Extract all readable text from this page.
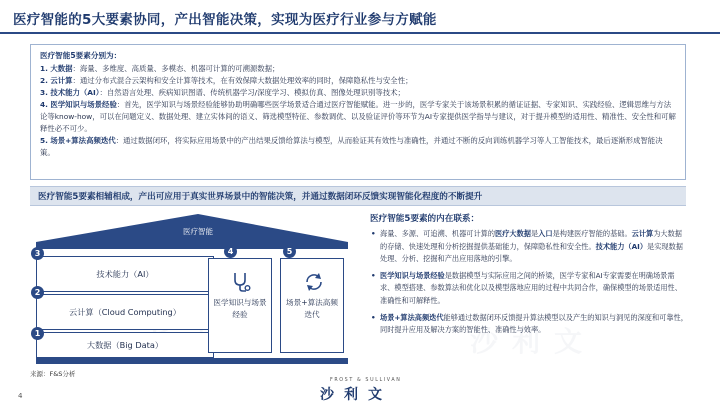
医疗智能的5大要素协同，产出智能决策，实现为医疗行业参与方赋能
医疗智能5要素分别为：
1. 大数据：海量、多维度、高质量、多模态、机器可计算的可溯源数据；
2. 云计算：通过分布式混合云架构和安全计算等技术，在有效保障大数据处理效率的同时，保障隐私性与安全性；
3. 技术能力（AI）：自然语言处理、疾病知识图谱、传统机器学习/深度学习、模拟仿真、图像处理识别等技术；
4. 医学知识与场景经验：首先，医学知识与场景经验能够协助明确哪些医学场景适合通过医疗智能赋能。进一步的，医学专家关于该场景积累的循证证据、专家知识、实践经验、逻辑思维与方法论等know-how，可以在问题定义、数据处理、建立实体间的语义、筛选模型特征、参数调优、以及验证评价等环节为AI专家提供医学指导与建议，对于提升模型的适用性、精准性、安全性和可解释性必不可少。
5. 场景+算法高频迭代：通过数据闭环，将实际应用场景中的产出结果反馈给算法与模型，从而验证其有效性与准确性，并通过不断的反向训练机器学习等人工智能技术，最后逐渐形成智能决策。
医疗智能5要素相辅相成，产出可应用于真实世界场景中的智能决策，并通过数据闭环反馈实现智能化程度的不断提升
医疗智能
技术能力（AI）
3
云计算（Cloud Computing）
2
大数据（Big Data）
1
医学知识与场景经验
4
场景+算法高频迭代
5
医疗智能5要素的内在联系：
• 海量、多源、可追溯、机器可计算的医疗大数据是入口是构建医疗智能的基础。云计算为大数据的存储、快速处理和分析挖掘提供基础能力，保障隐私性和安全性。技术能力（AI）是实现数据处理、分析、挖掘和产出应用落地的引擎。
• 医学知识与场景经验是数据模型与实际应用之间的桥梁，医学专家和AI专家需要在明确场景需求、模型搭建、参数算法和优化以及模型落地应用的过程中共同合作，确保模型的场景适用性、准确性和可解释性。
• 场景+算法高频迭代能够通过数据闭环反馈提升算法模型以及产生的知识与洞见的深度和可靠性，同时提升应用及解决方案的智能性、准确性与效率。
来源：F&S分析
4
FROST & SULLIVAN
沙利文
